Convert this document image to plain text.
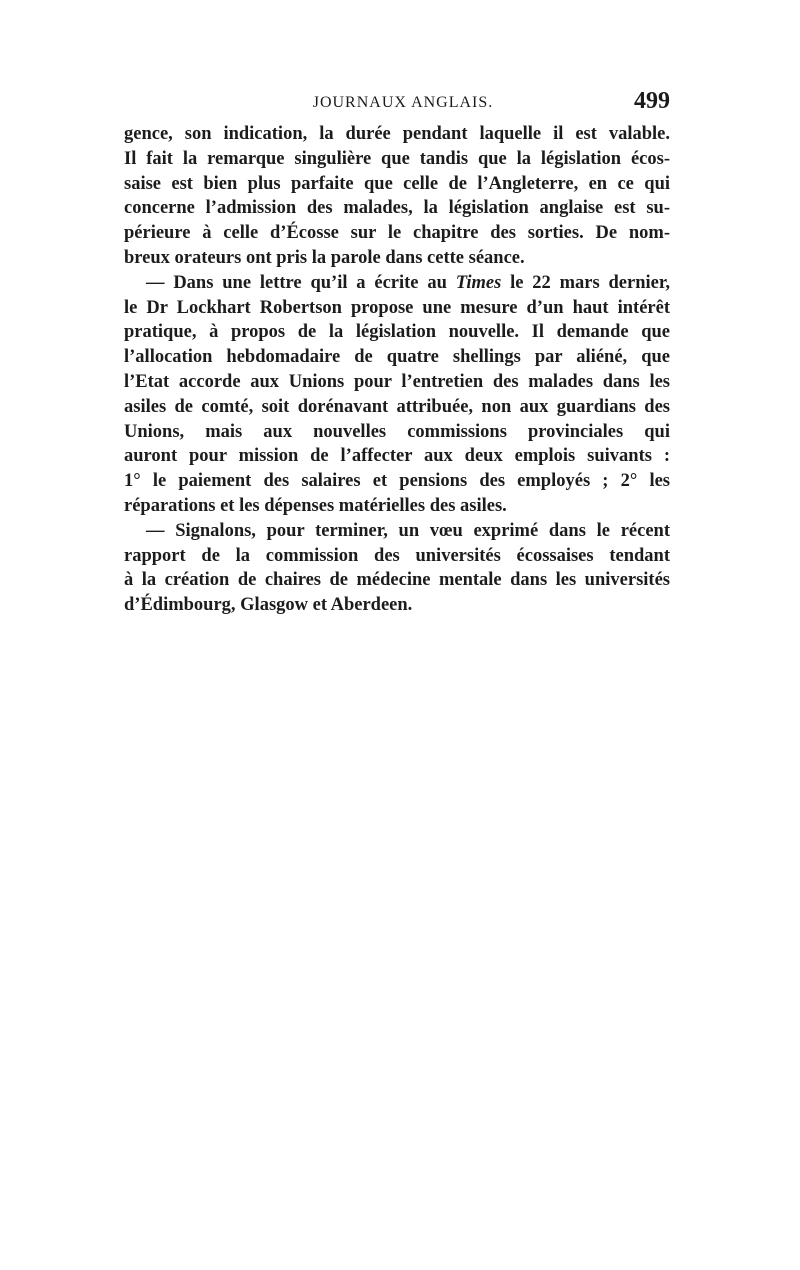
JOURNAUX ANGLAIS.	499
gence, son indication, la durée pendant laquelle il est valable.
Il fait la remarque singulière que tandis que la législation écos-
saise est bien plus parfaite que celle de l’Angleterre, en ce qui
concerne l’admission des malades, la législation anglaise est su-
périeure à celle d’Écosse sur le chapitre des sorties. De nom-
breux orateurs ont pris la parole dans cette séance.
— Dans une lettre qu’il a écrite au Times le 22 mars dernier,
le Dr Lockhart Robertson propose une mesure d’un haut intérêt
pratique, à propos de la législation nouvelle. Il demande que
l’allocation hebdomadaire de quatre shellings par aliéné, que
l’Etat accorde aux Unions pour l’entretien des malades dans les
asiles de comté, soit dorénavant attribuée, non aux guardians des
Unions, mais aux nouvelles commissions provinciales qui
auront pour mission de l’affecter aux deux emplois suivants :
1° le paiement des salaires et pensions des employés ; 2° les
réparations et les dépenses matérielles des asiles.
— Signalons, pour terminer, un vœu exprimé dans le récent
rapport de la commission des universités écossaises tendant
à la création de chaires de médecine mentale dans les universités
d’Édimbourg, Glasgow et Aberdeen.
